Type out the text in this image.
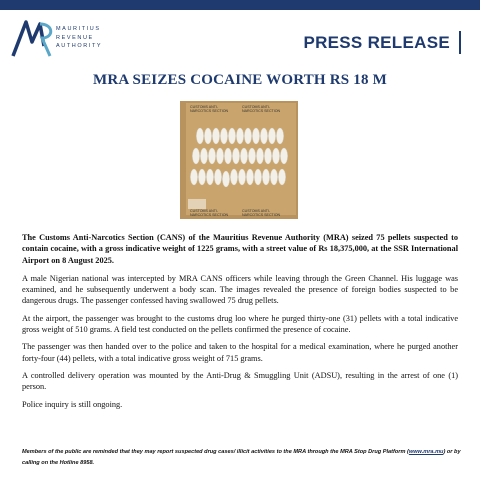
MAURITIUS
REVENUE
AUTHORITY	PRESS RELEASE
MRA SEIZES COCAINE WORTH RS 18 M
CUSTOMS ANTI-NARCOTICS SECTION
CUSTOMS ANTI-NARCOTICS SECTION
CUSTOMS ANTI-NARCOTICS SECTION
CUSTOMS ANTI-NARCOTICS SECTION

The Customs Anti-Narcotics Section (CANS) of the Mauritius Revenue Authority (MRA) seized 75 pellets suspected to contain cocaine, with a gross indicative weight of 1225 grams, with a street value of Rs 18,375,000, at the SSR International Airport on 8 August 2025.

A male Nigerian national was intercepted by MRA CANS officers while leaving through the Green Channel. His luggage was examined, and he subsequently underwent a body scan. The images revealed the presence of foreign bodies suspected to be dangerous drugs. The passenger confessed having swallowed 75 drug pellets.

At the airport, the passenger was brought to the customs drug loo where he purged thirty-one (31) pellets with a total indicative gross weight of 510 grams. A field test conducted on the pellets confirmed the presence of cocaine.

The passenger was then handed over to the police and taken to the hospital for a medical examination, where he purged another forty-four (44) pellets, with a total indicative gross weight of 715 grams.

A controlled delivery operation was mounted by the Anti-Drug & Smuggling Unit (ADSU), resulting in the arrest of one (1) person.

Police inquiry is still ongoing.

Members of the public are reminded that they may report suspected drug cases/ illicit activities to the MRA through the MRA Stop Drug Platform (www.mra.mu) or by calling on the Hotline 8958.
